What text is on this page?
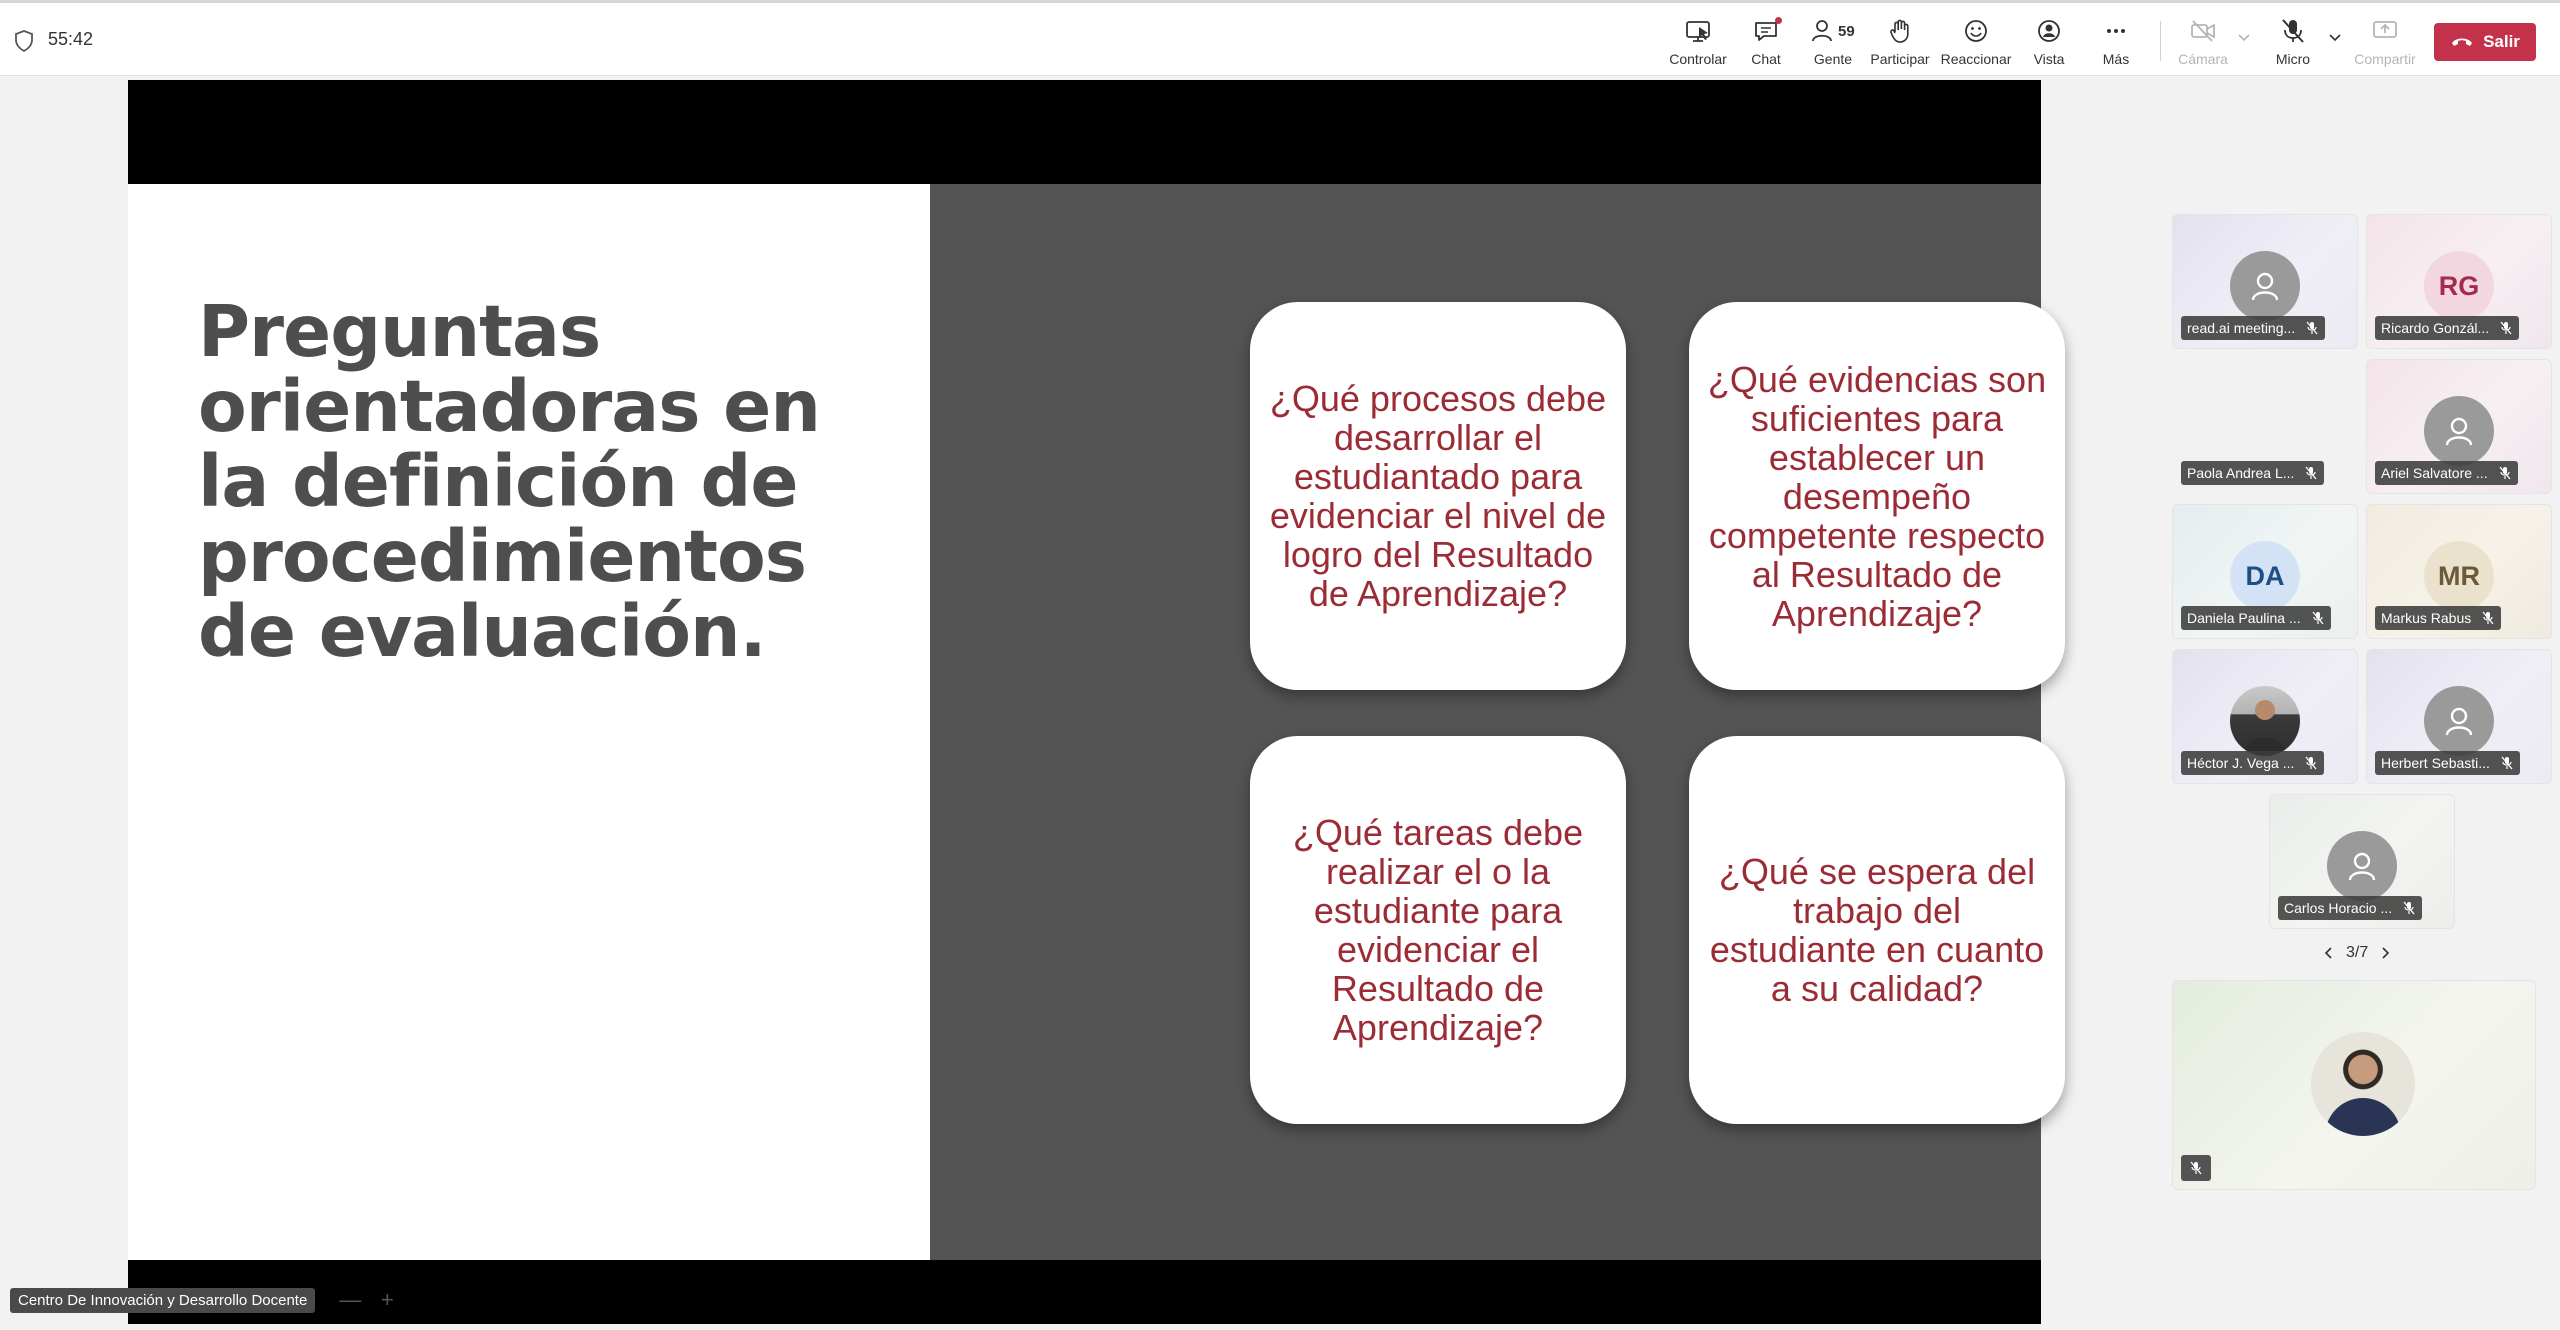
55:42
Controlar Chat
59
Gente Participar Reaccionar Vista	Más	Cámara	Micro	Compartir
Salir
Preguntas orientadoras en la definición de procedimientos de evaluación.
¿Qué procesos debe desarrollar el estudiantado para evidenciar el nivel de logro del Resultado de Aprendizaje?
¿Qué evidencias son suficientes para establecer un desempeño competente respecto al Resultado de Aprendizaje?
¿Qué tareas debe realizar el o la estudiante para evidenciar el Resultado de Aprendizaje?
¿Qué se espera del trabajo del estudiante en cuanto a su calidad?
Centro De Innovación y Desarrollo Docente	— +
read.ai meeting...
RG
Ricardo Gonzál...
Paola Andrea L...	Ariel Salvatore ...
DA
Daniela Paulina ...
MR
Markus Rabus
Héctor J. Vega ...	Herbert Sebasti...
Carlos Horacio ...
3/7
